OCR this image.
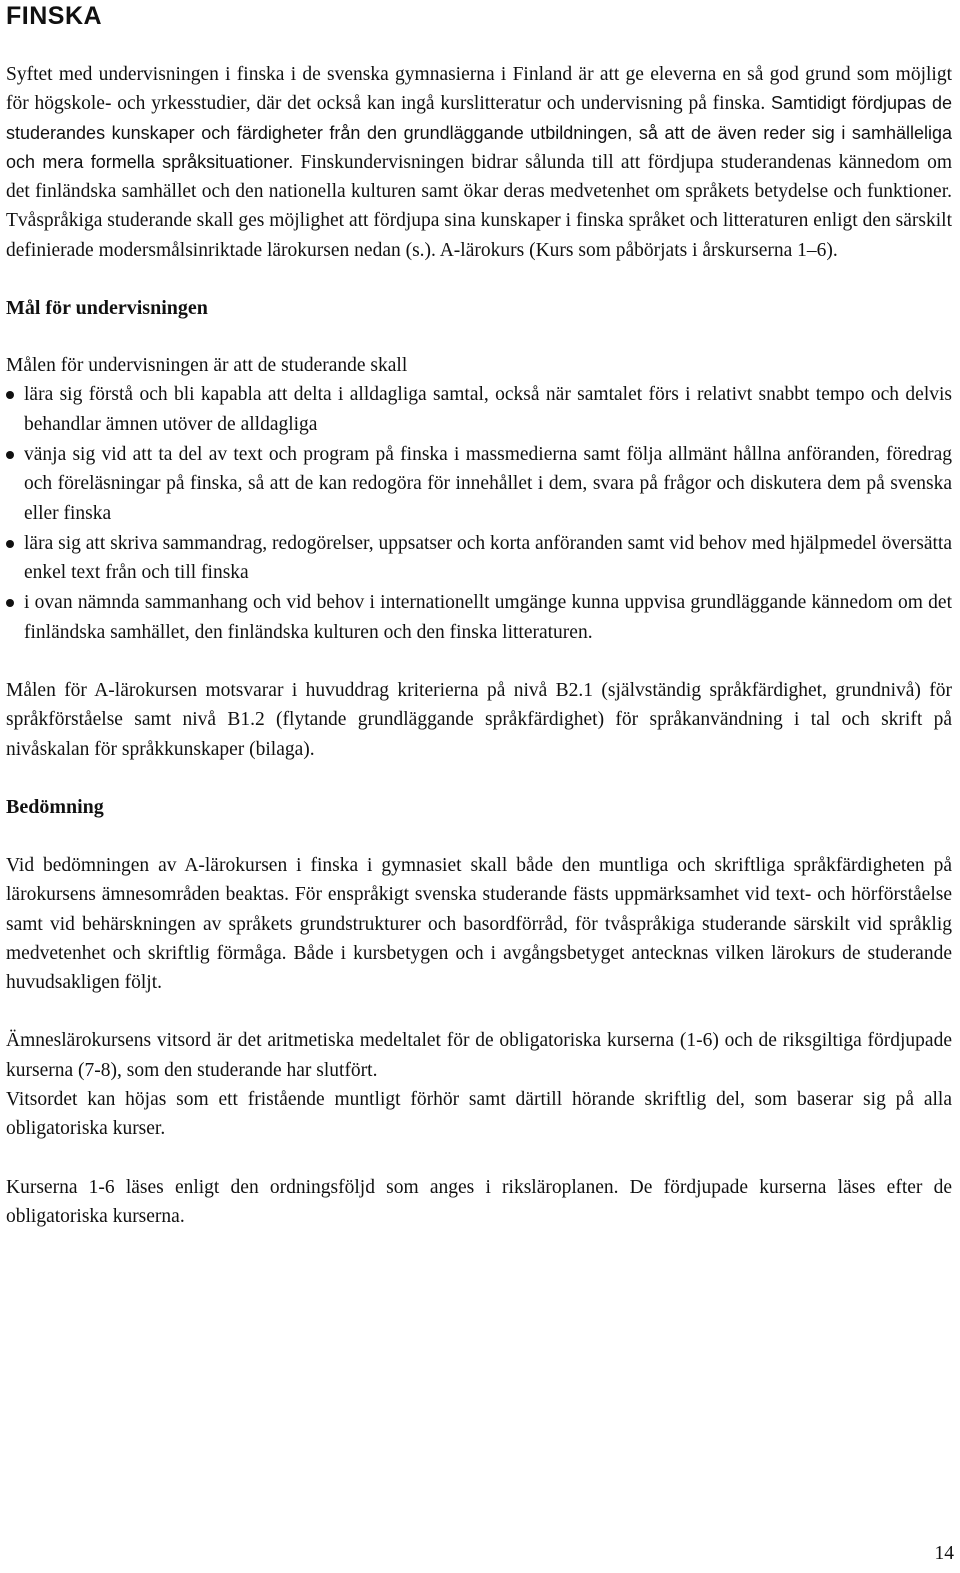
FINSKA

Syftet med undervisningen i finska i de svenska gymnasierna i Finland är att ge eleverna en så god grund som möjligt för högskole- och yrkesstudier, där det också kan ingå kurslitteratur och undervisning på finska. Samtidigt fördjupas de studerandes kunskaper och färdigheter från den grundläggande utbildningen, så att de även reder sig i samhälleliga och mera formella språksituationer. Finskundervisningen bidrar sålunda till att fördjupa studerandenas kännedom om det finländska samhället och den nationella kulturen samt ökar deras medvetenhet om språkets betydelse och funktioner. Tvåspråkiga studerande skall ges möjlighet att fördjupa sina kunskaper i finska språket och litteraturen enligt den särskilt definierade modersmålsinriktade lärokursen nedan (s.). A-lärokurs (Kurs som påbörjats i årskurserna 1–6).

Mål för undervisningen

Målen för undervisningen är att de studerande skall

lära sig förstå och bli kapabla att delta i alldagliga samtal, också när samtalet förs i relativt snabbt tempo och delvis behandlar ämnen utöver de alldagliga
vänja sig vid att ta del av text och program på finska i massmedierna samt följa allmänt hållna anföranden, föredrag och föreläsningar på finska, så att de kan redogöra för innehållet i dem, svara på frågor och diskutera dem på svenska eller finska
lära sig att skriva sammandrag, redogörelser, uppsatser och korta anföranden samt vid behov med hjälpmedel översätta enkel text från och till finska
i ovan nämnda sammanhang och vid behov i internationellt umgänge kunna uppvisa grundläggande kännedom om det finländska samhället, den finländska kulturen och den finska litteraturen.

Målen för A-lärokursen motsvarar i huvuddrag kriterierna på nivå B2.1 (självständig språkfärdighet, grundnivå) för språkförståelse samt nivå B1.2 (flytande grundläggande språkfärdighet) för språkanvändning i tal och skrift på nivåskalan för språkkunskaper (bilaga).

Bedömning

Vid bedömningen av A-lärokursen i finska i gymnasiet skall både den muntliga och skriftliga språkfärdigheten på lärokursens ämnesområden beaktas. För enspråkigt svenska studerande fästs uppmärksamhet vid text- och hörförståelse samt vid behärskningen av språkets grundstrukturer och basordförråd, för tvåspråkiga studerande särskilt vid språklig medvetenhet och skriftlig förmåga. Både i kursbetygen och i avgångsbetyget antecknas vilken lärokurs de studerande huvudsakligen följt.

Ämneslärokursens vitsord är det aritmetiska medeltalet för de obligatoriska kurserna (1-6) och de riksgiltiga fördjupade kurserna (7-8), som den studerande har slutfört.

Vitsordet kan höjas som ett fristående muntligt förhör samt därtill hörande skriftlig del, som baserar sig på alla obligatoriska kurser.

Kurserna 1-6 läses enligt den ordningsföljd som anges i riksläroplanen. De fördjupade kurserna läses efter de obligatoriska kurserna.

14
